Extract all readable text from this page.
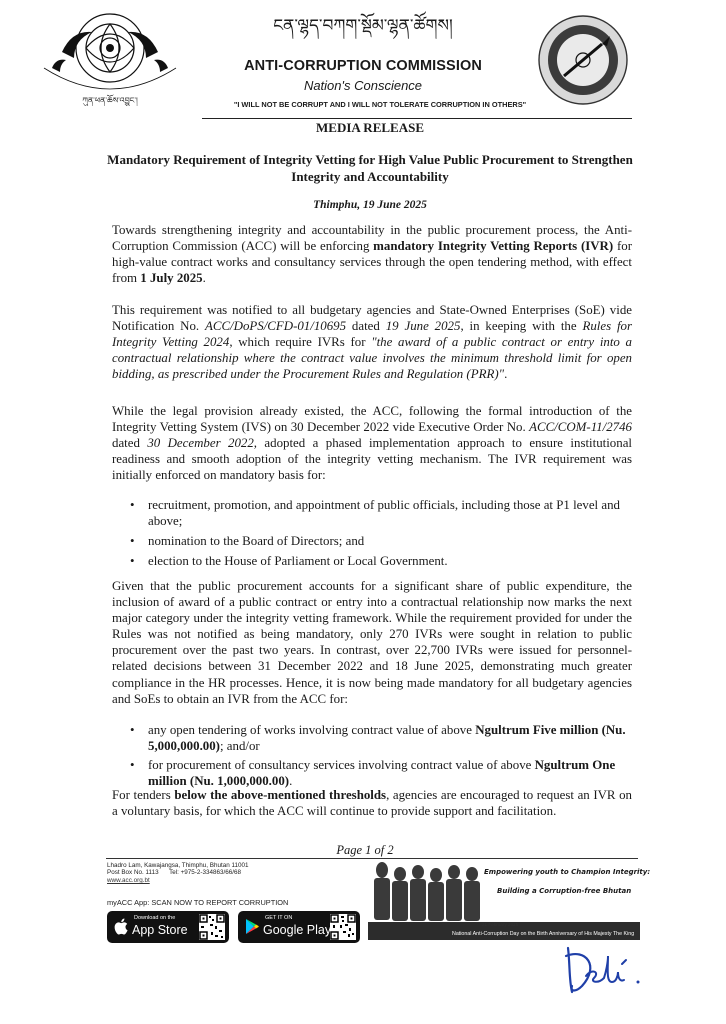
ཀུན་ཕན་ཆོས་འབྱུང་།
ངན་ལྷད་བཀག་སྡོམ་ལྷན་ཚོགས།
ANTI-CORRUPTION COMMISSION
Nation's Conscience
"I WILL NOT BE CORRUPT AND I WILL NOT TOLERATE CORRUPTION IN OTHERS"
MEDIA RELEASE
Mandatory Requirement of Integrity Vetting for High Value Public Procurement to Strengthen Integrity and Accountability
Thimphu, 19 June 2025
Towards strengthening integrity and accountability in the public procurement process, the Anti-Corruption Commission (ACC) will be enforcing mandatory Integrity Vetting Reports (IVR) for high-value contract works and consultancy services through the open tendering method, with effect from 1 July 2025.
This requirement was notified to all budgetary agencies and State-Owned Enterprises (SoE) vide Notification No. ACC/DoPS/CFD-01/10695 dated 19 June 2025, in keeping with the Rules for Integrity Vetting 2024, which require IVRs for "the award of a public contract or entry into a contractual relationship where the contract value involves the minimum threshold limit for open bidding, as prescribed under the Procurement Rules and Regulation (PRR)".
While the legal provision already existed, the ACC, following the formal introduction of the Integrity Vetting System (IVS) on 30 December 2022 vide Executive Order No. ACC/COM-11/2746 dated 30 December 2022, adopted a phased implementation approach to ensure institutional readiness and smooth adoption of the integrity vetting mechanism. The IVR requirement was initially enforced on mandatory basis for:
• recruitment, promotion, and appointment of public officials, including those at P1 level and above;
• nomination to the Board of Directors; and
• election to the House of Parliament or Local Government.
Given that the public procurement accounts for a significant share of public expenditure, the inclusion of award of a public contract or entry into a contractual relationship now marks the next major category under the integrity vetting framework. While the requirement provided for under the Rules was not notified as being mandatory, only 270 IVRs were sought in relation to public procurement over the past two years. In contrast, over 22,700 IVRs were issued for personnel-related decisions between 31 December 2022 and 18 June 2025, demonstrating much greater compliance in the HR processes. Hence, it is now being made mandatory for all budgetary agencies and SoEs to obtain an IVR from the ACC for:
• any open tendering of works involving contract value of above Ngultrum Five million (Nu. 5,000,000.00); and/or
• for procurement of consultancy services involving contract value of above Ngultrum One million (Nu. 1,000,000.00).
For tenders below the above-mentioned thresholds, agencies are encouraged to request an IVR on a voluntary basis, for which the ACC will continue to provide support and facilitation.
Page 1 of 2
Lhadro Lam, Kawajangsa, Thimphu, Bhutan 11001
Post Box No. 1113 Tel: +975-2-334863/66/68
www.acc.org.bt
myACC App: SCAN NOW TO REPORT CORRUPTION
Download on the
App Store
GET IT ON
Google Play
Empowering youth to Champion Integrity:
Building a Corruption-free Bhutan
21 February 2025
National Anti-Corruption Day on the Birth Anniversary of His Majesty The King
